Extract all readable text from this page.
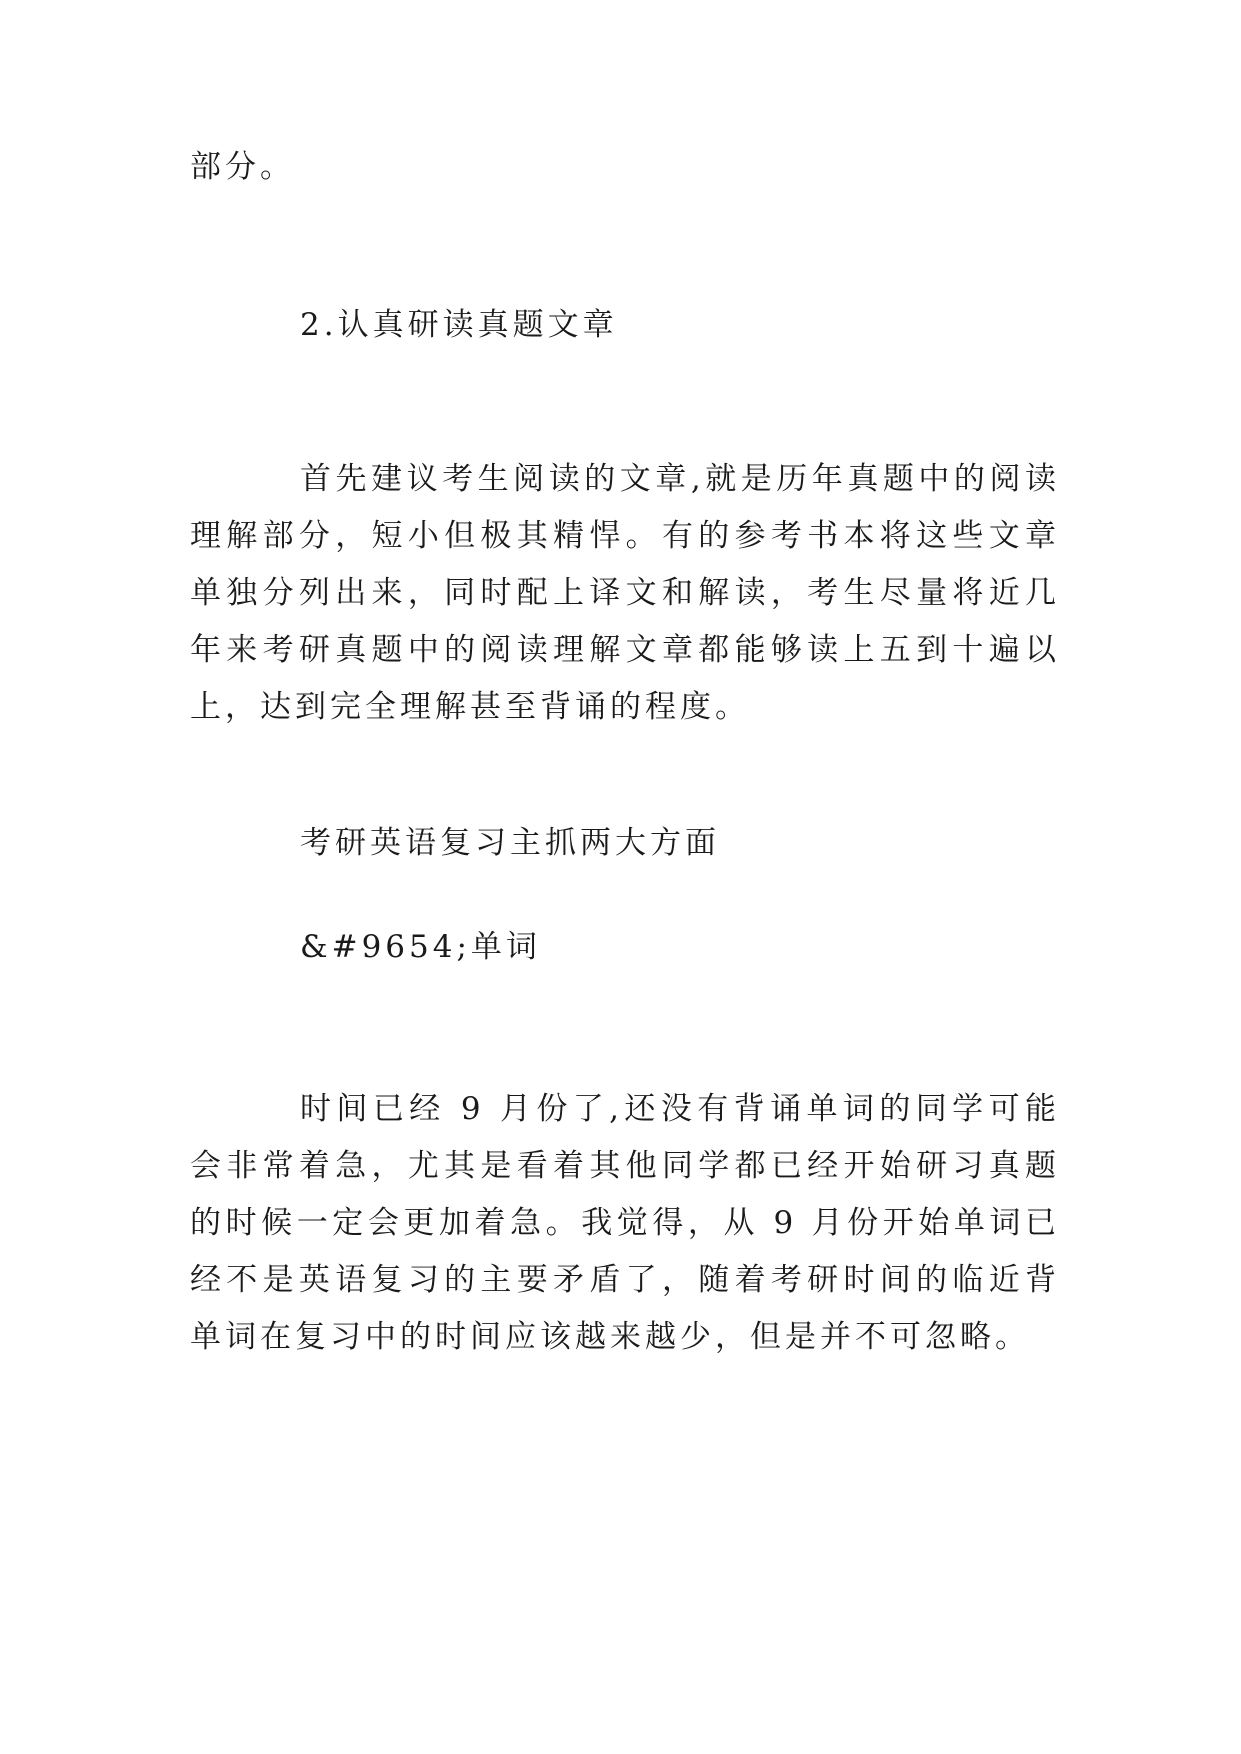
部分。

2.认真研读真题文章

首先建议考生阅读的文章,就是历年真题中的阅读理解部分，短小但极其精悍。有的参考书本将这些文章单独分列出来，同时配上译文和解读，考生尽量将近几年来考研真题中的阅读理解文章都能够读上五到十遍以上，达到完全理解甚至背诵的程度。

考研英语复习主抓两大方面

&#9654;单词

时间已经 9 月份了,还没有背诵单词的同学可能会非常着急，尤其是看着其他同学都已经开始研习真题的时候一定会更加着急。我觉得，从 9 月份开始单词已经不是英语复习的主要矛盾了，随着考研时间的临近背单词在复习中的时间应该越来越少，但是并不可忽略。
